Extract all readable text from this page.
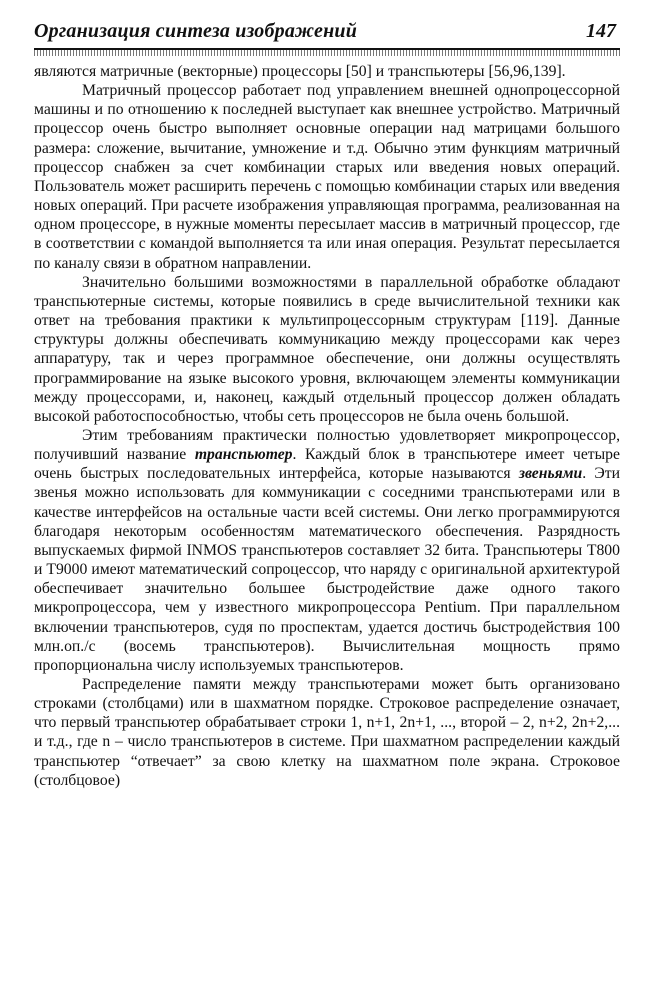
Организация синтеза изображений	147

являются матричные (векторные) процессоры [50] и транспьютеры [56,96,139].

Матричный процессор работает под управлением внешней однопроцессорной машины и по отношению к последней выступает как внешнее устройство. Матричный процессор очень быстро выполняет основные операции над матрицами большого размера: сложение, вычитание, умножение и т.д. Обычно этим функциям матричный процессор снабжен за счет комбинации старых или введения новых операций. Пользователь может расширить перечень с помощью комбинации старых или введения новых операций. При расчете изображения управляющая программа, реализованная на одном процессоре, в нужные моменты пересылает массив в матричный процессор, где в соответствии с командой выполняется та или иная операция. Результат пересылается по каналу связи в обратном направлении.

Значительно большими возможностями в параллельной обработке обладают транспьютерные системы, которые появились в среде вычислительной техники как ответ на требования практики к мультипроцессорным структурам [119]. Данные структуры должны обеспечивать коммуникацию между процессорами как через аппаратуру, так и через программное обеспечение, они должны осуществлять программирование на языке высокого уровня, включающем элементы коммуникации между процессорами, и, наконец, каждый отдельный процессор должен обладать высокой работоспособностью, чтобы сеть процессоров не была очень большой.

Этим требованиям практически полностью удовлетворяет микропроцессор, получивший название транспьютер. Каждый блок в транспьютере имеет четыре очень быстрых последовательных интерфейса, которые называются звеньями. Эти звенья можно использовать для коммуникации с соседними транспьютерами или в качестве интерфейсов на остальные части всей системы. Они легко программируются благодаря некоторым особенностям математического обеспечения. Разрядность выпускаемых фирмой INMOS транспьютеров составляет 32 бита. Транспьютеры Т800 и Т9000 имеют математический сопроцессор, что наряду с оригинальной архитектурой обеспечивает значительно большее быстродействие даже одного такого микропроцессора, чем у известного микропроцессора Pentium. При параллельном включении транспьютеров, судя по проспектам, удается достичь быстродействия 100 млн.оп./с (восемь транспьютеров). Вычислительная мощность прямо пропорциональна числу используемых транспьютеров.

Распределение памяти между транспьютерами может быть организовано строками (столбцами) или в шахматном порядке. Строковое распределение означает, что первый транспьютер обрабатывает строки 1, n+1, 2n+1, ..., второй – 2, n+2, 2n+2,... и т.д., где n – число транспьютеров в системе. При шахматном распределении каждый транспьютер “отвечает” за свою клетку на шахматном поле экрана. Строковое (столбцовое)
